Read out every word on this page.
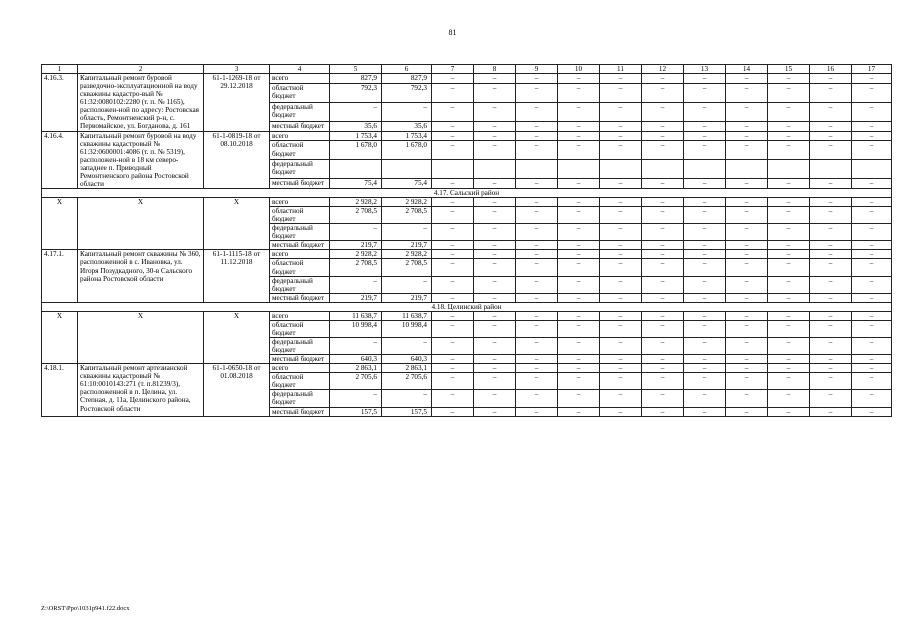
81
1	2	3	4	5	6	7	8	9	10	11	12	13	14	15	16	17
4.16.3.	Капитальный ремонт буровой разведочно-эксплуатационной на воду скважины кадастро-вый № 61:32:0080102:2280 (т. п. № 1165), расположен-ной по адресу: Ростовская область, Ремонтненский р-н, с. Первомайское, ул. Богданова, д. 161	61-1-1269-18 от 29.12.2018	всего	827,9	827,9	–	–	–	–	–	–	–	–	–	–	–
			областной бюджет	792,3	792,3	–	–	–	–	–	–	–	–	–	–	–
			федеральный бюджет	–	–	–	–	–	–	–	–	–	–	–	–	–
			местный бюджет	35,6	35,6	–	–	–	–	–	–	–	–	–	–	–
4.16.4.	Капитальный ремонт буровой на воду скважины кадастровый № 61:32:0600001:4086 (т. п. № 5319), расположен-ной в 18 км северо-западнее п. Приводный Ремонтненского района Ростовской области	61-1-0819-18 от 08.10.2018	всего	1 753,4	1 753,4	–	–	–	–	–	–	–	–	–	–	–
			областной бюджет	1 678,0	1 678,0	–	–	–	–	–	–	–	–	–	–	–
			федеральный бюджет													
			местный бюджет	75,4	75,4	–	–	–	–	–	–	–	–	–	–	–
4.17. Сальский район																
Х	Х	Х	всего	2 928,2	2 928,2	–	–	–	–	–	–	–	–	–	–	–
			областной бюджет	2 708,5	2 708,5	–	–	–	–	–	–	–	–	–	–	–
			федеральный бюджет	–	–	–	–	–	–	–	–	–	–	–	–	–
			местный бюджет	219,7	219,7	–	–	–	–	–	–	–	–	–	–	–
4.17.1.	Капитальный ремонт скважины № 360, расположенной в с. Ивановка, ул. Игоря Позудкадного, 30-в Сальского района Ростовской области	61-1-1115-18 от 11.12.2018	всего	2 928,2	2 928,2	–	–	–	–	–	–	–	–	–	–	–
			областной бюджет	2 708,5	2 708,5	–	–	–	–	–	–	–	–	–	–	–
			федеральный бюджет	–	–	–	–	–	–	–	–	–	–	–	–	–
			местный бюджет	219,7	219,7	–	–	–	–	–	–	–	–	–	–	–
4.18. Целинский район																
Х	Х	Х	всего	11 638,7	11 638,7	–	–	–	–	–	–	–	–	–	–	–
			областной бюджет	10 998,4	10 998,4	–	–	–	–	–	–	–	–	–	–	–
			федеральный бюджет	–	–	–	–	–	–	–	–	–	–	–	–	–
			местный бюджет	640,3	640,3	–	–	–	–	–	–	–	–	–	–	–
4.18.1.	Капитальный ремонт артезианской скважины кадастровый № 61:10:0010143:271 (т. п.81239/3), расположенной в п. Целина, ул. Степная, д. 11а, Целинского района, Ростовской области	61-1-0650-18 от 01.08.2018	всего	2 863,1	2 863,1	–	–	–	–	–	–	–	–	–	–	–
			областной бюджет	2 705,6	2 705,6	–	–	–	–	–	–	–	–	–	–	–
			федеральный бюджет	–	–	–	–	–	–	–	–	–	–	–	–	–
			местный бюджет	157,5	157,5	–	–	–	–	–	–	–	–	–	–	–
Z:\ORST\Ppo\1031p941.f22.docx
